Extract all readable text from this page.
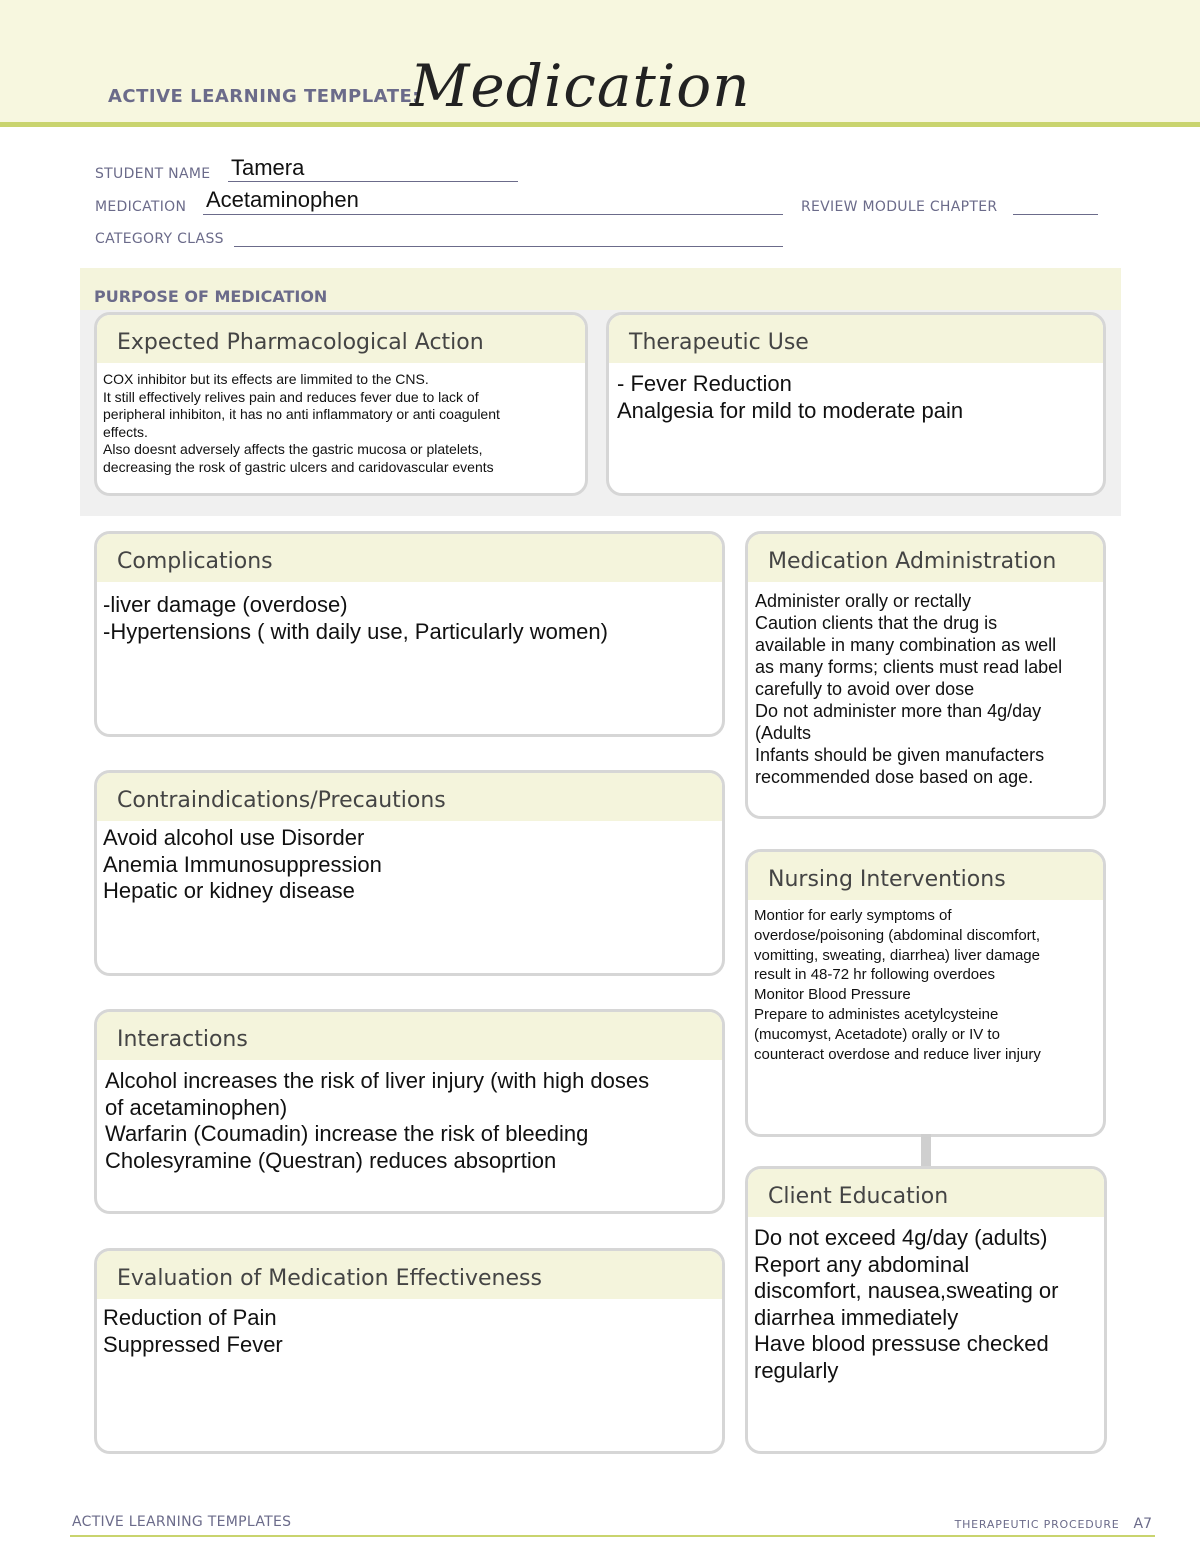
ACTIVE LEARNING TEMPLATE:
Medication
STUDENT NAME Tamera
MEDICATION Acetaminophen	REVIEW MODULE CHAPTER
CATEGORY CLASS
PURPOSE OF MEDICATION
Expected Pharmacological Action
COX inhibitor but its effects are limmited to the CNS.
It still effectively relives pain and reduces fever due to lack of
peripheral inhibiton, it has no anti inflammatory or anti coagulent
effects.
Also doesnt adversely affects the gastric mucosa or platelets,
decreasing the rosk of gastric ulcers and caridovascular events
Therapeutic Use
- Fever Reduction
Analgesia for mild to moderate pain
Complications
-liver damage (overdose)
-Hypertensions ( with daily use, Particularly women)
Contraindications/Precautions
Avoid alcohol use Disorder
Anemia Immunosuppression
Hepatic or kidney disease
Interactions
Alcohol increases the risk of liver injury (with high doses
of acetaminophen)
Warfarin (Coumadin) increase the risk of bleeding
Cholesyramine (Questran) reduces absoprtion
Evaluation of Medication Effectiveness
Reduction of Pain
Suppressed Fever
Medication Administration
Administer orally or rectally
Caution clients that the drug is
available in many combination as well
as many forms; clients must read label
carefully to avoid over dose
Do not administer more than 4g/day
(Adults
Infants should be given manufacters
recommended dose based on age.
Nursing Interventions
Montior for early symptoms of
overdose/poisoning (abdominal discomfort,
vomitting, sweating, diarrhea) liver damage
result in 48-72 hr following overdoes
Monitor Blood Pressure
Prepare to administes acetylcysteine
(mucomyst, Acetadote) orally or IV to
counteract overdose and reduce liver injury
Client Education
Do not exceed 4g/day (adults)
Report any abdominal
discomfort, nausea,sweating or
diarrhea immediately
Have blood pressuse checked
regularly
ACTIVE LEARNING TEMPLATES	THERAPEUTIC PROCEDURE A7
